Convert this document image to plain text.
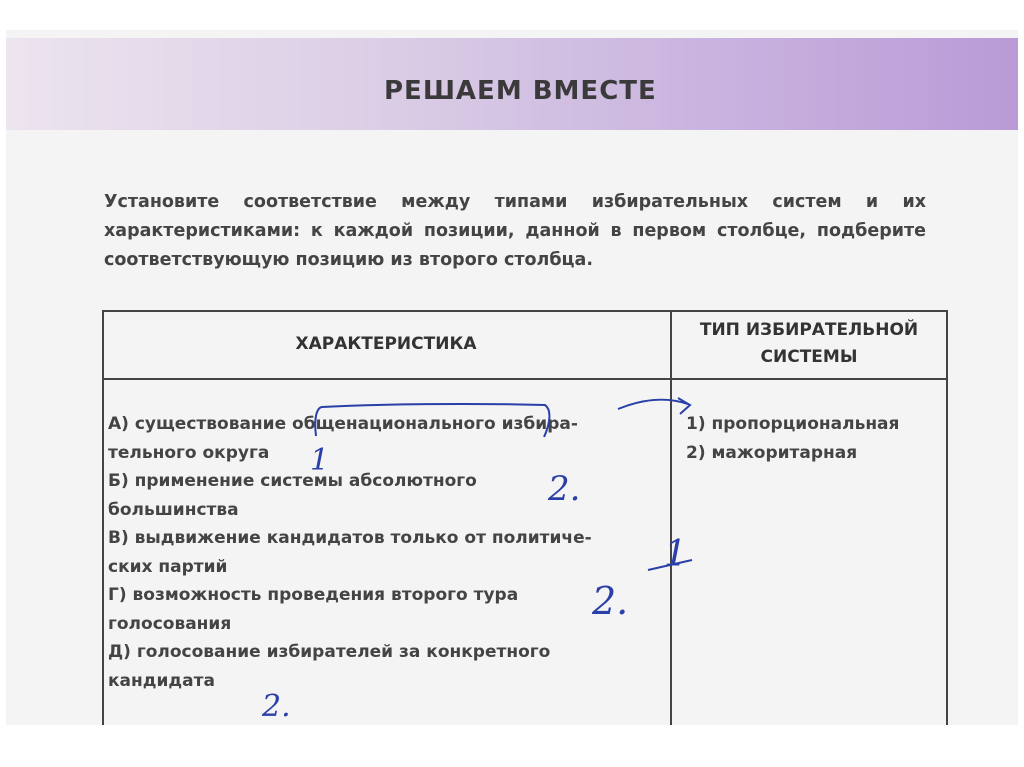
РЕШАЕМ ВМЕСТЕ
Установите соответствие между типами избирательных систем и их характеристиками: к каждой позиции, данной в первом столбце, подберите соответствующую позицию из второго столбца.
ХАРАКТЕРИСТИКА
ТИП ИЗБИРАТЕЛЬНОЙ
СИСТЕМЫ
А) существование общенационального избира-
тельного округа
Б) применение системы абсолютного
большинства
В) выдвижение кандидатов только от политиче-
ских партий
Г) возможность проведения второго тура
голосования
Д) голосование избирателей за конкретного
кандидата
1) пропорциональная
2) мажоритарная
1
2.
1
2.
2.
